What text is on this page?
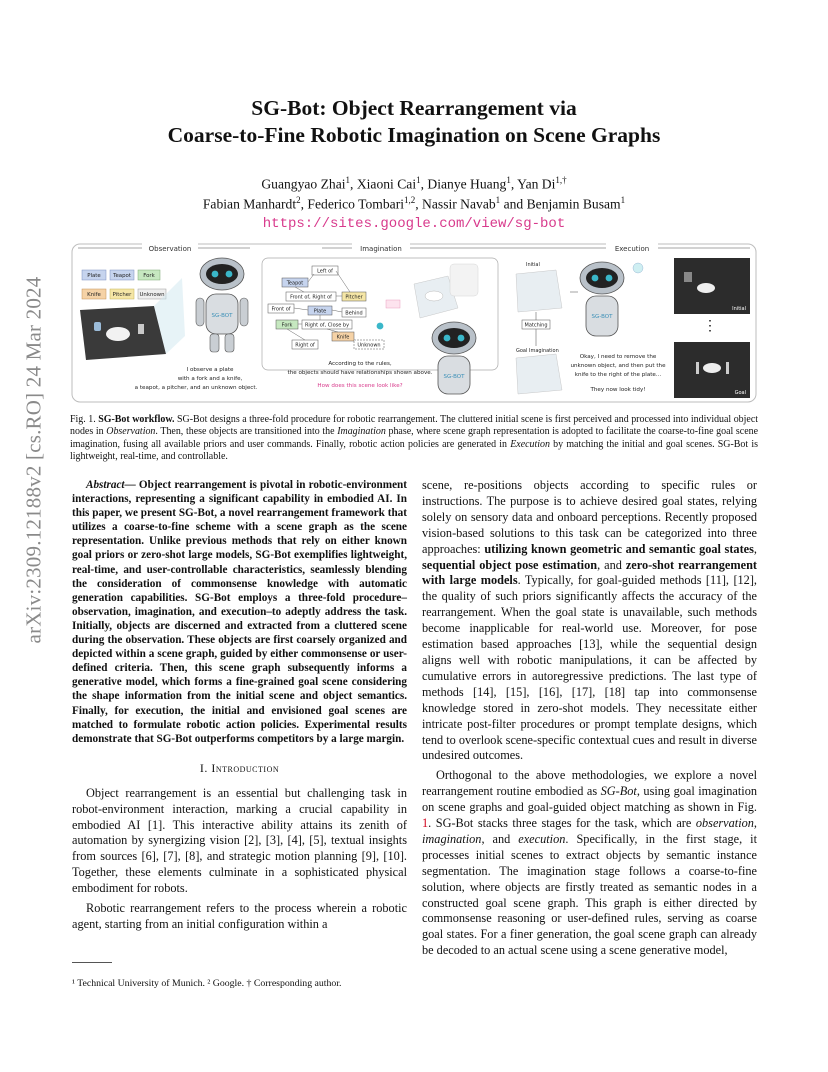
arXiv:2309.12188v2 [cs.RO] 24 Mar 2024
SG-Bot: Object Rearrangement via
Coarse-to-Fine Robotic Imagination on Scene Graphs
Guangyao Zhai$^1$, Xiaoni Cai$^1$, Dianye Huang$^1$, Yan $Di^{1,\dagger}$
Fabian Manhardt$^2$, Federico Tombari$^{1,2}$, Nassir Navab$^1$ and Benjamin Busam$^1$
https://sites.google.com/view/sg-bot
Observation	Imagination	Execution
Plate Teapot Fork
Knife Pitcher Unknown
SG-BOT
I observe a plate
with a fork and a knife,
a teapot, a pitcher, and an unknown object.
Left of
Teapot
Front of, Right of	Pitcher
Front of	Plate	Behind
Fork	Right of, Close by
Knife
Right of	Unknown
According to the rules,
the objects should have relationships shown above.
How does this scene look like?
SG-BOT
Initial
Matching
Goal Imagination
SG-BOT
Okay, I need to remove the
unknown object, and then put the
knife to the right of the plate...
They now look tidy!
Initial
⋮
Goal
Fig. 1. SG-Bot workflow. SG-Bot designs a three-fold procedure for robotic rearrangement. The cluttered initial scene is first perceived and processed into individual object nodes in Observation. Then, these objects are transitioned into the Imagination phase, where scene graph representation is adopted to facilitate the coarse-to-fine goal scene imagination, fusing all available priors and user commands. Finally, robotic action policies are generated in Execution by matching the initial and goal scenes. SG-Bot is lightweight, real-time, and controllable.

Abstract— Object rearrangement is pivotal in robotic-environment interactions, representing a significant capability in embodied AI. In this paper, we present SG-Bot, a novel rearrangement framework that utilizes a coarse-to-fine scheme with a scene graph as the scene representation. Unlike previous methods that rely on either known goal priors or zero-shot large models, SG-Bot exemplifies lightweight, real-time, and user-controllable characteristics, seamlessly blending the consideration of commonsense knowledge with automatic generation capabilities. SG-Bot employs a three-fold procedure–observation, imagination, and execution–to adeptly address the task. Initially, objects are discerned and extracted from a cluttered scene during the observation. These objects are first coarsely organized and depicted within a scene graph, guided by either commonsense or user-defined criteria. Then, this scene graph subsequently informs a generative model, which forms a fine-grained goal scene considering the shape information from the initial scene and object semantics. Finally, for execution, the initial and envisioned goal scenes are matched to formulate robotic action policies. Experimental results demonstrate that SG-Bot outperforms competitors by a large margin.

I. Introduction

Object rearrangement is an essential but challenging task in robot-environment interaction, marking a crucial capability in embodied AI [1]. This interactive ability attains its zenith of automation by synergizing vision [2], [3], [4], [5], textual insights from sources [6], [7], [8], and strategic motion planning [9], [10]. Together, these elements culminate in a sophisticated physical embodiment for robots.

Robotic rearrangement refers to the process wherein a robotic agent, starting from an initial configuration within a

¹ Technical University of Munich. ² Google. † Corresponding author.

scene, re-positions objects according to specific rules or instructions. The purpose is to achieve desired goal states, relying solely on sensory data and onboard perceptions. Recently proposed vision-based solutions to this task can be categorized into three approaches: utilizing known geometric and semantic goal states, sequential object pose estimation, and zero-shot rearrangement with large models. Typically, for goal-guided methods [11], [12], the quality of such priors significantly affects the accuracy of the rearrangement. When the goal state is unavailable, such methods become inapplicable for real-world use. Moreover, for pose estimation based approaches [13], while the sequential design aligns well with robotic manipulations, it can be affected by cumulative errors in autoregressive predictions. The last type of methods [14], [15], [16], [17], [18] tap into commonsense knowledge stored in zero-shot models. They necessitate either intricate post-filter procedures or prompt template designs, which tend to overlook scene-specific contextual cues and result in diverse undesired outcomes.

Orthogonal to the above methodologies, we explore a novel rearrangement routine embodied as SG-Bot, using goal imagination on scene graphs and goal-guided object matching as shown in Fig. 1. SG-Bot stacks three stages for the task, which are observation, imagination, and execution. Specifically, in the first stage, it processes initial scenes to extract objects by semantic instance segmentation. The imagination stage follows a coarse-to-fine solution, where objects are firstly treated as semantic nodes in a constructed goal scene graph. This graph is either directed by commonsense reasoning or user-defined rules, serving as coarse goal states. For a finer generation, the goal scene graph can already be decoded to an actual scene using a scene generative model,
